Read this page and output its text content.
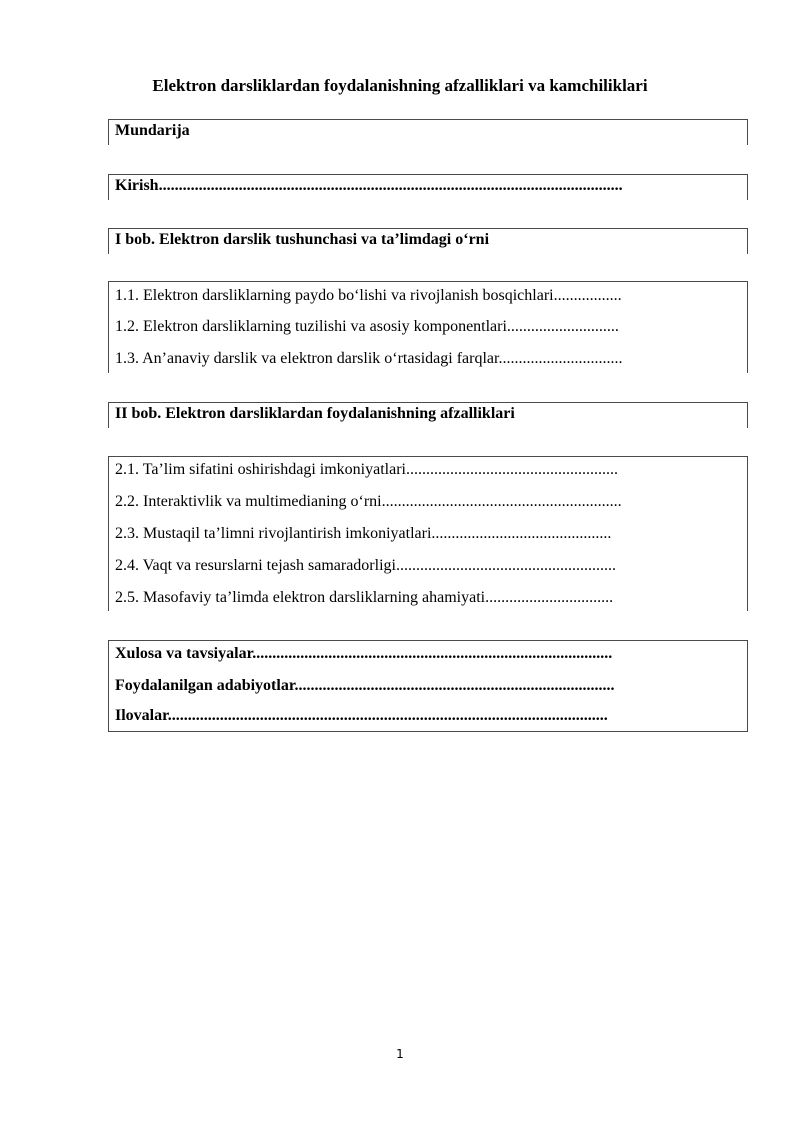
Elektron darsliklardan foydalanishning afzalliklari va kamchiliklari
Mundarija
Kirish....................................................................................................................
I bob. Elektron darslik tushunchasi va ta’limdagi o‘rni
1.1. Elektron darsliklarning paydo bo‘lishi va rivojlanish bosqichlari.................
1.2. Elektron darsliklarning tuzilishi va asosiy komponentlari............................
1.3. An’anaviy darslik va elektron darslik o‘rtasidagi farqlar...............................
II bob. Elektron darsliklardan foydalanishning afzalliklari
2.1. Ta’lim sifatini oshirishdagi imkoniyatlari.....................................................
2.2. Interaktivlik va multimedianing o‘rni............................................................
2.3. Mustaqil ta’limni rivojlantirish imkoniyatlari.............................................
2.4. Vaqt va resurslarni tejash samaradorligi.......................................................
2.5. Masofaviy ta’limda elektron darsliklarning ahamiyati................................
Xulosa va tavsiyalar..........................................................................................
Foydalanilgan adabiyotlar................................................................................
Ilovalar..............................................................................................................
1
